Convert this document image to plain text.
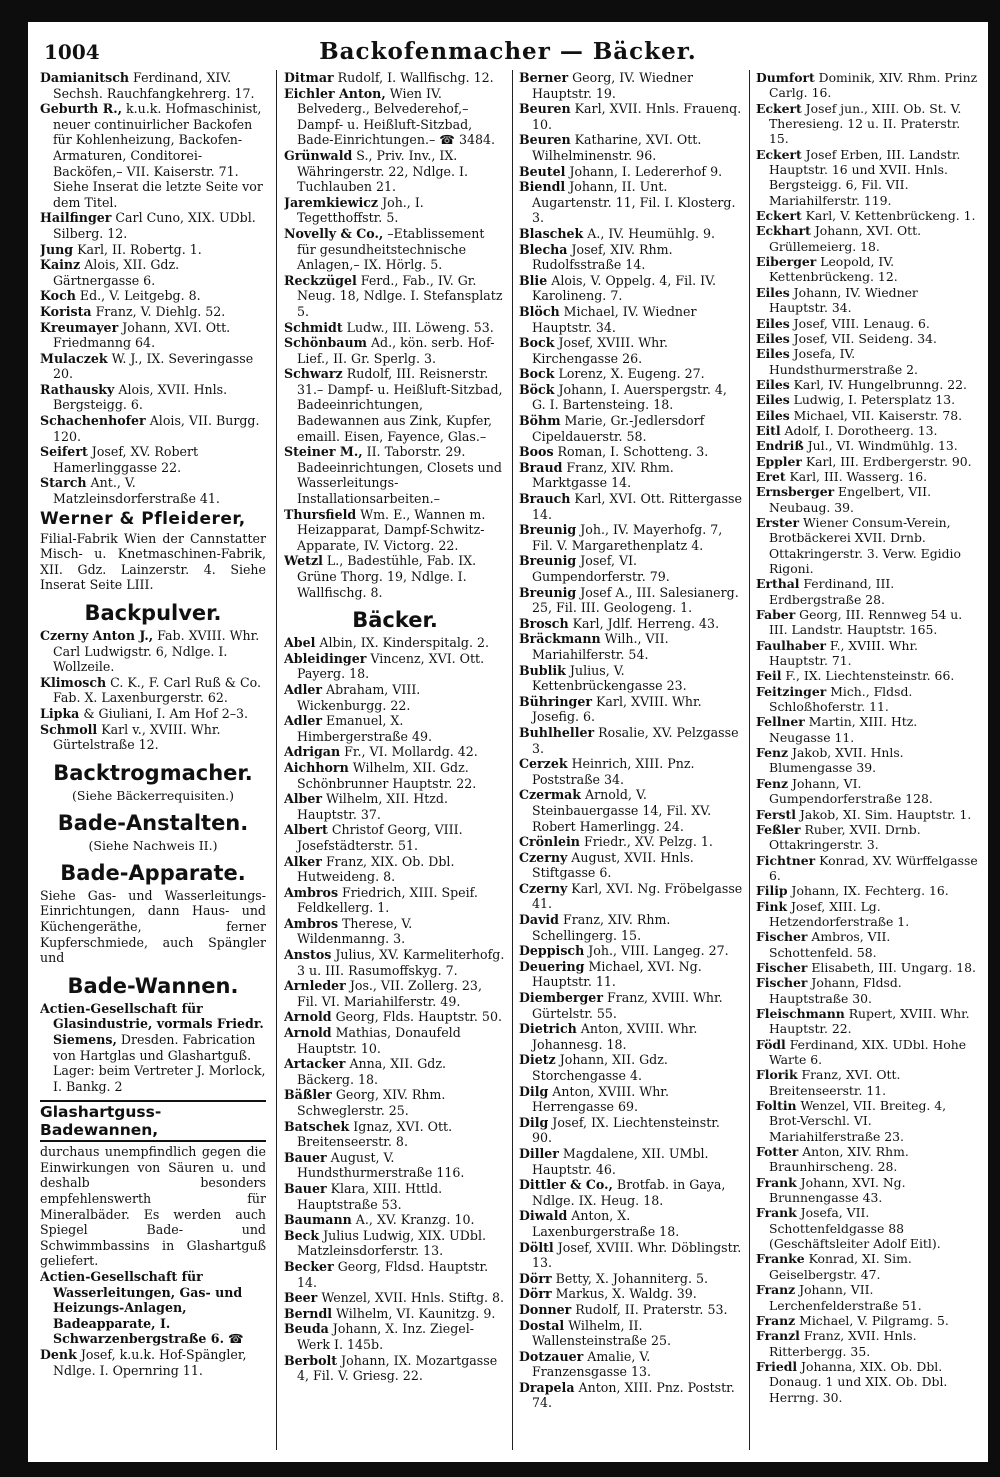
1004	Backofenmacher — Bäcker.
Damianitsch Ferdinand, XIV. Sechsh. Rauchfangkehrerg. 17.
Geburth R., k.u.k. Hofmaschinist, neuer continuirlicher Backofen für Kohlenheizung, Backofen-Armaturen, Conditorei-Backöfen,– VII. Kaiserstr. 71. Siehe Inserat die letzte Seite vor dem Titel.
Hailfinger Carl Cuno, XIX. UDbl. Silberg. 12.
Jung Karl, II. Robertg. 1.
Kainz Alois, XII. Gdz. Gärtnergasse 6.
Koch Ed., V. Leitgebg. 8.
Korista Franz, V. Diehlg. 52.
Kreumayer Johann, XVI. Ott. Friedmanng 64.
Mulaczek W. J., IX. Severingasse 20.
Rathausky Alois, XVII. Hnls. Bergsteigg. 6.
Schachenhofer Alois, VII. Burgg. 120.
Seifert Josef, XV. Robert Hamerlinggasse 22.
Starch Ant., V. Matzleinsdorferstraße 41.
Werner & Pfleiderer,
Filial-Fabrik Wien der Cannstatter Misch- u. Knetmaschinen-Fabrik, XII. Gdz. Lainzerstr. 4. Siehe Inserat Seite LIII.
Backpulver.
Czerny Anton J., Fab. XVIII. Whr. Carl Ludwigstr. 6, Ndlge. I. Wollzeile.
Klimosch C. K., F. Carl Ruß & Co. Fab. X. Laxenburgerstr. 62.
Lipka & Giuliani, I. Am Hof 2–3.
Schmoll Karl v., XVIII. Whr. Gürtelstraße 12.
Backtrogmacher.
(Siehe Bäckerrequisiten.)
Bade-Anstalten.
(Siehe Nachweis II.)
Bade-Apparate.
Siehe Gas- und Wasserleitungs-Einrichtungen, dann Haus- und Küchengeräthe, ferner Kupferschmiede, auch Spängler und
Bade-Wannen.
Actien-Gesellschaft für Glasindustrie, vormals Friedr. Siemens, Dresden. Fabrication von Hartglas und Glashartguß. Lager: beim Vertreter J. Morlock, I. Bankg. 2
Glashartguss-Badewannen,
durchaus unempfindlich gegen die Einwirkungen von Säuren u. und deshalb besonders empfehlenswerth für Mineralbäder. Es werden auch Spiegel Bade- und Schwimmbassins in Glashartguß geliefert.
Actien-Gesellschaft für Wasserleitungen, Gas- und Heizungs-Anlagen, Badeapparate, I. Schwarzenbergstraße 6. ☎
Denk Josef, k.u.k. Hof-Spängler, Ndlge. I. Opernring 11.
Ditmar Rudolf, I. Wallfischg. 12.
Eichler Anton, Wien IV. Belvederg., Belvederehof,–Dampf- u. Heißluft-Sitzbad, Bade-Einrichtungen.– ☎ 3484.
Grünwald S., Priv. Inv., IX. Währingerstr. 22, Ndlge. I. Tuchlauben 21.
Jaremkiewicz Joh., I. Tegetthoffstr. 5.
Novelly & Co., –Etablissement für gesundheitstechnische Anlagen,– IX. Hörlg. 5.
Reckzügel Ferd., Fab., IV. Gr. Neug. 18, Ndlge. I. Stefansplatz 5.
Schmidt Ludw., III. Löweng. 53.
Schönbaum Ad., kön. serb. Hof-Lief., II. Gr. Sperlg. 3.
Schwarz Rudolf, III. Reisnerstr. 31.– Dampf- u. Heißluft-Sitzbad, Badeeinrichtungen, Badewannen aus Zink, Kupfer, emaill. Eisen, Fayence, Glas.–
Steiner M., II. Taborstr. 29. Badeeinrichtungen, Closets und Wasserleitungs-Installationsarbeiten.–
Thursfield Wm. E., Wannen m. Heizapparat, Dampf-Schwitz-Apparate, IV. Victorg. 22.
Wetzl L., Badestühle, Fab. IX. Grüne Thorg. 19, Ndlge. I. Wallfischg. 8.
Bäcker.
Abel Albin, IX. Kinderspitalg. 2.
Ableidinger Vincenz, XVI. Ott. Payerg. 18.
Adler Abraham, VIII. Wickenburgg. 22.
Adler Emanuel, X. Himbergerstraße 49.
Adrigan Fr., VI. Mollardg. 42.
Aichhorn Wilhelm, XII. Gdz. Schönbrunner Hauptstr. 22.
Alber Wilhelm, XII. Htzd. Hauptstr. 37.
Albert Christof Georg, VIII. Josefstädterstr. 51.
Alker Franz, XIX. Ob. Dbl. Hutweideng. 8.
Ambros Friedrich, XIII. Speif. Feldkellerg. 1.
Ambros Therese, V. Wildenmanng. 3.
Anstos Julius, XV. Karmeliterhofg. 3 u. III. Rasumoffskyg. 7.
Arnleder Jos., VII. Zollerg. 23, Fil. VI. Mariahilferstr. 49.
Arnold Georg, Flds. Hauptstr. 50.
Arnold Mathias, Donaufeld Hauptstr. 10.
Artacker Anna, XII. Gdz. Bäckerg. 18.
Bäßler Georg, XIV. Rhm. Schweglerstr. 25.
Batschek Ignaz, XVI. Ott. Breitenseerstr. 8.
Bauer August, V. Hundsthurmerstraße 116.
Bauer Klara, XIII. Httld. Hauptstraße 53.
Baumann A., XV. Kranzg. 10.
Beck Julius Ludwig, XIX. UDbl. Matzleinsdorferstr. 13.
Becker Georg, Fldsd. Hauptstr. 14.
Beer Wenzel, XVII. Hnls. Stiftg. 8.
Berndl Wilhelm, VI. Kaunitzg. 9.
Beuda Johann, X. Inz. Ziegel-Werk I. 145b.
Berbolt Johann, IX. Mozartgasse 4, Fil. V. Griesg. 22.
Berner Georg, IV. Wiedner Hauptstr. 19.
Beuren Karl, XVII. Hnls. Frauenq. 10.
Beuren Katharine, XVI. Ott. Wilhelminenstr. 96.
Beutel Johann, I. Ledererhof 9.
Biendl Johann, II. Unt. Augartenstr. 11, Fil. I. Klosterg. 3.
Blaschek A., IV. Heumühlg. 9.
Blecha Josef, XIV. Rhm. Rudolfsstraße 14.
Blie Alois, V. Oppelg. 4, Fil. IV. Karolineng. 7.
Blöch Michael, IV. Wiedner Hauptstr. 34.
Bock Josef, XVIII. Whr. Kirchengasse 26.
Bock Lorenz, X. Eugeng. 27.
Böck Johann, I. Auerspergstr. 4, G. I. Bartensteing. 18.
Böhm Marie, Gr.-Jedlersdorf Cipeldauerstr. 58.
Boos Roman, I. Schotteng. 3.
Braud Franz, XIV. Rhm. Marktgasse 14.
Brauch Karl, XVI. Ott. Rittergasse 14.
Breunig Joh., IV. Mayerhofg. 7, Fil. V. Margarethenplatz 4.
Breunig Josef, VI. Gumpendorferstr. 79.
Breunig Josef A., III. Salesianerg. 25, Fil. III. Geologeng. 1.
Brosch Karl, Jdlf. Herreng. 43.
Bräckmann Wilh., VII. Mariahilferstr. 54.
Bublik Julius, V. Kettenbrückengasse 23.
Bühringer Karl, XVIII. Whr. Josefig. 6.
Buhlheller Rosalie, XV. Pelzgasse 3.
Cerzek Heinrich, XIII. Pnz. Poststraße 34.
Czermak Arnold, V. Steinbauergasse 14, Fil. XV. Robert Hamerlingg. 24.
Crönlein Friedr., XV. Pelzg. 1.
Czerny August, XVII. Hnls. Stiftgasse 6.
Czerny Karl, XVI. Ng. Fröbelgasse 41.
David Franz, XIV. Rhm. Schellingerg. 15.
Deppisch Joh., VIII. Langeg. 27.
Deuering Michael, XVI. Ng. Hauptstr. 11.
Diemberger Franz, XVIII. Whr. Gürtelstr. 55.
Dietrich Anton, XVIII. Whr. Johannesg. 18.
Dietz Johann, XII. Gdz. Storchengasse 4.
Dilg Anton, XVIII. Whr. Herrengasse 69.
Dilg Josef, IX. Liechtensteinstr. 90.
Diller Magdalene, XII. UMbl. Hauptstr. 46.
Dittler & Co., Brotfab. in Gaya, Ndlge. IX. Heug. 18.
Diwald Anton, X. Laxenburgerstraße 18.
Döltl Josef, XVIII. Whr. Döblingstr. 13.
Dörr Betty, X. Johanniterg. 5.
Dörr Markus, X. Waldg. 39.
Donner Rudolf, II. Praterstr. 53.
Dostal Wilhelm, II. Wallensteinstraße 25.
Dotzauer Amalie, V. Franzensgasse 13.
Drapela Anton, XIII. Pnz. Poststr. 74.
Dumfort Dominik, XIV. Rhm. Prinz Carlg. 16.
Eckert Josef jun., XIII. Ob. St. V. Theresieng. 12 u. II. Praterstr. 15.
Eckert Josef Erben, III. Landstr. Hauptstr. 16 und XVII. Hnls. Bergsteigg. 6, Fil. VII. Mariahilferstr. 119.
Eckert Karl, V. Kettenbrückeng. 1.
Eckhart Johann, XVI. Ott. Grüllemeierg. 18.
Eiberger Leopold, IV. Kettenbrückeng. 12.
Eiles Johann, IV. Wiedner Hauptstr. 34.
Eiles Josef, VIII. Lenaug. 6.
Eiles Josef, VII. Seideng. 34.
Eiles Josefa, IV. Hundsthurmerstraße 2.
Eiles Karl, IV. Hungelbrunng. 22.
Eiles Ludwig, I. Petersplatz 13.
Eiles Michael, VII. Kaiserstr. 78.
Eitl Adolf, I. Dorotheerg. 13.
Endriß Jul., VI. Windmühlg. 13.
Eppler Karl, III. Erdbergerstr. 90.
Eret Karl, III. Wasserg. 16.
Ernsberger Engelbert, VII. Neubaug. 39.
Erster Wiener Consum-Verein, Brotbäckerei XVII. Drnb. Ottakringerstr. 3. Verw. Egidio Rigoni.
Erthal Ferdinand, III. Erdbergstraße 28.
Faber Georg, III. Rennweg 54 u. III. Landstr. Hauptstr. 165.
Faulhaber F., XVIII. Whr. Hauptstr. 71.
Feil F., IX. Liechtensteinstr. 66.
Feitzinger Mich., Fldsd. Schloßhoferstr. 11.
Fellner Martin, XIII. Htz. Neugasse 11.
Fenz Jakob, XVII. Hnls. Blumengasse 39.
Fenz Johann, VI. Gumpendorferstraße 128.
Ferstl Jakob, XI. Sim. Hauptstr. 1.
Feßler Ruber, XVII. Drnb. Ottakringerstr. 3.
Fichtner Konrad, XV. Würffelgasse 6.
Filip Johann, IX. Fechterg. 16.
Fink Josef, XIII. Lg. Hetzendorferstraße 1.
Fischer Ambros, VII. Schottenfeld. 58.
Fischer Elisabeth, III. Ungarg. 18.
Fischer Johann, Fldsd. Hauptstraße 30.
Fleischmann Rupert, XVIII. Whr. Hauptstr. 22.
Födl Ferdinand, XIX. UDbl. Hohe Warte 6.
Florik Franz, XVI. Ott. Breitenseerstr. 11.
Foltin Wenzel, VII. Breiteg. 4, Brot-Verschl. VI. Mariahilferstraße 23.
Fotter Anton, XIV. Rhm. Braunhirscheng. 28.
Frank Johann, XVI. Ng. Brunnengasse 43.
Frank Josefa, VII. Schottenfeldgasse 88 (Geschäftsleiter Adolf Eitl).
Franke Konrad, XI. Sim. Geiselbergstr. 47.
Franz Johann, VII. Lerchenfelderstraße 51.
Franz Michael, V. Pilgramg. 5.
Franzl Franz, XVII. Hnls. Ritterbergg. 35.
Friedl Johanna, XIX. Ob. Dbl. Donaug. 1 und XIX. Ob. Dbl. Herrng. 30.
